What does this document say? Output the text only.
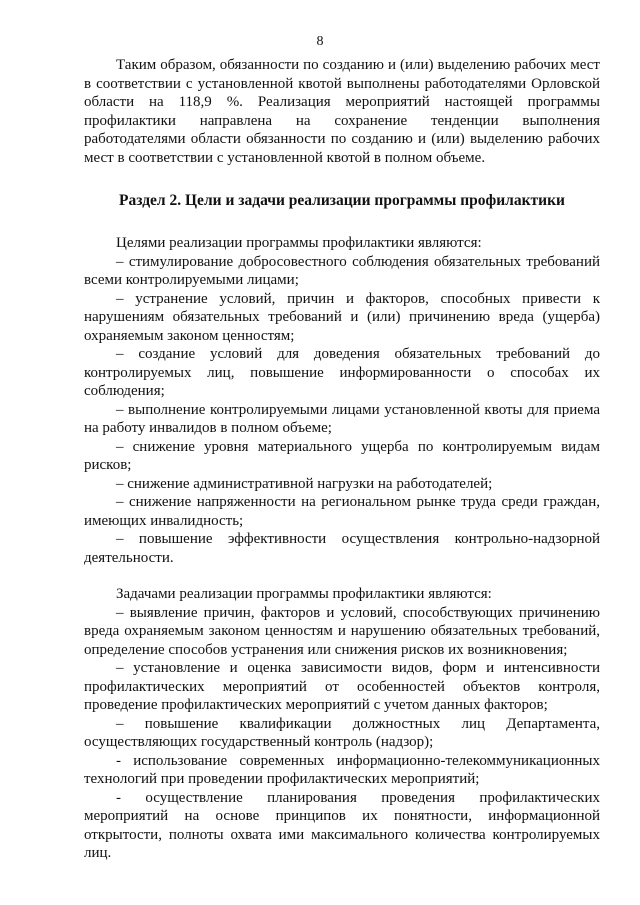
8

Таким образом, обязанности по созданию и (или) выделению рабочих мест в соответствии с установленной квотой выполнены работодателями Орловской области на 118,9 %. Реализация мероприятий настоящей программы профилактики направлена на сохранение тенденции выполнения работодателями области обязанности по созданию и (или) выделению рабочих мест в соответствии с установленной квотой в полном объеме.

Раздел 2. Цели и задачи реализации программы профилактики

Целями реализации программы профилактики являются:

– стимулирование добросовестного соблюдения обязательных требований всеми контролируемыми лицами;

– устранение условий, причин и факторов, способных привести к нарушениям обязательных требований и (или) причинению вреда (ущерба) охраняемым законом ценностям;

– создание условий для доведения обязательных требований до контролируемых лиц, повышение информированности о способах их соблюдения;

– выполнение контролируемыми лицами установленной квоты для приема на работу инвалидов в полном объеме;

– снижение уровня материального ущерба по контролируемым видам рисков;

– снижение административной нагрузки на работодателей;

– снижение напряженности на региональном рынке труда среди граждан, имеющих инвалидность;

– повышение эффективности осуществления контрольно-надзорной деятельности.

Задачами реализации программы профилактики являются:

– выявление причин, факторов и условий, способствующих причинению вреда охраняемым законом ценностям и нарушению обязательных требований, определение способов устранения или снижения рисков их возникновения;

– установление и оценка зависимости видов, форм и интенсивности профилактических мероприятий от особенностей объектов контроля, проведение профилактических мероприятий с учетом данных факторов;

– повышение квалификации должностных лиц Департамента, осуществляющих государственный контроль (надзор);

- использование современных информационно-телекоммуникационных технологий при проведении профилактических мероприятий;

- осуществление планирования проведения профилактических мероприятий на основе принципов их понятности, информационной открытости, полноты охвата ими максимального количества контролируемых лиц.
